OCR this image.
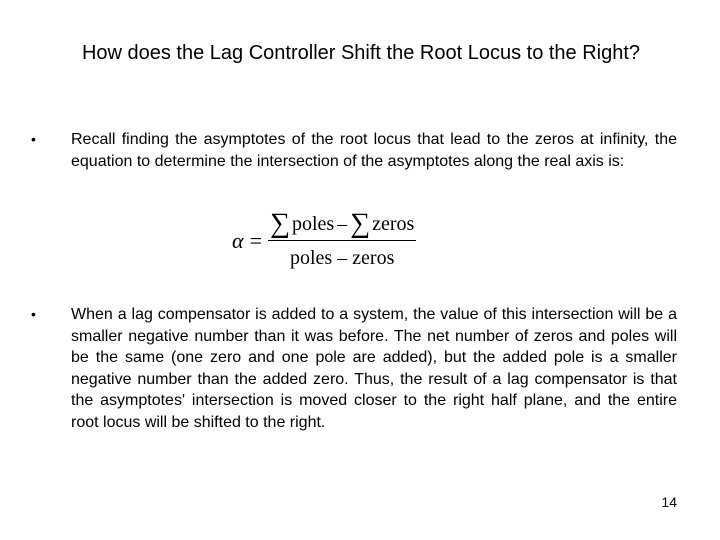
How does the Lag Controller Shift the Root Locus to the Right?
•	Recall finding the asymptotes of the root locus that lead to the zeros at infinity, the equation to determine the intersection of the asymptotes along the real axis is:
$\alpha = \frac{\text{∑ poles – ∑ zeros}}{\text{poles – zeros}}$
•	When a lag compensator is added to a system, the value of this intersection will be a smaller negative number than it was before. The net number of zeros and poles will be the same (one zero and one pole are added), but the added pole is a smaller negative number than the added zero. Thus, the result of a lag compensator is that the asymptotes' intersection is moved closer to the right half plane, and the entire root locus will be shifted to the right.
14
